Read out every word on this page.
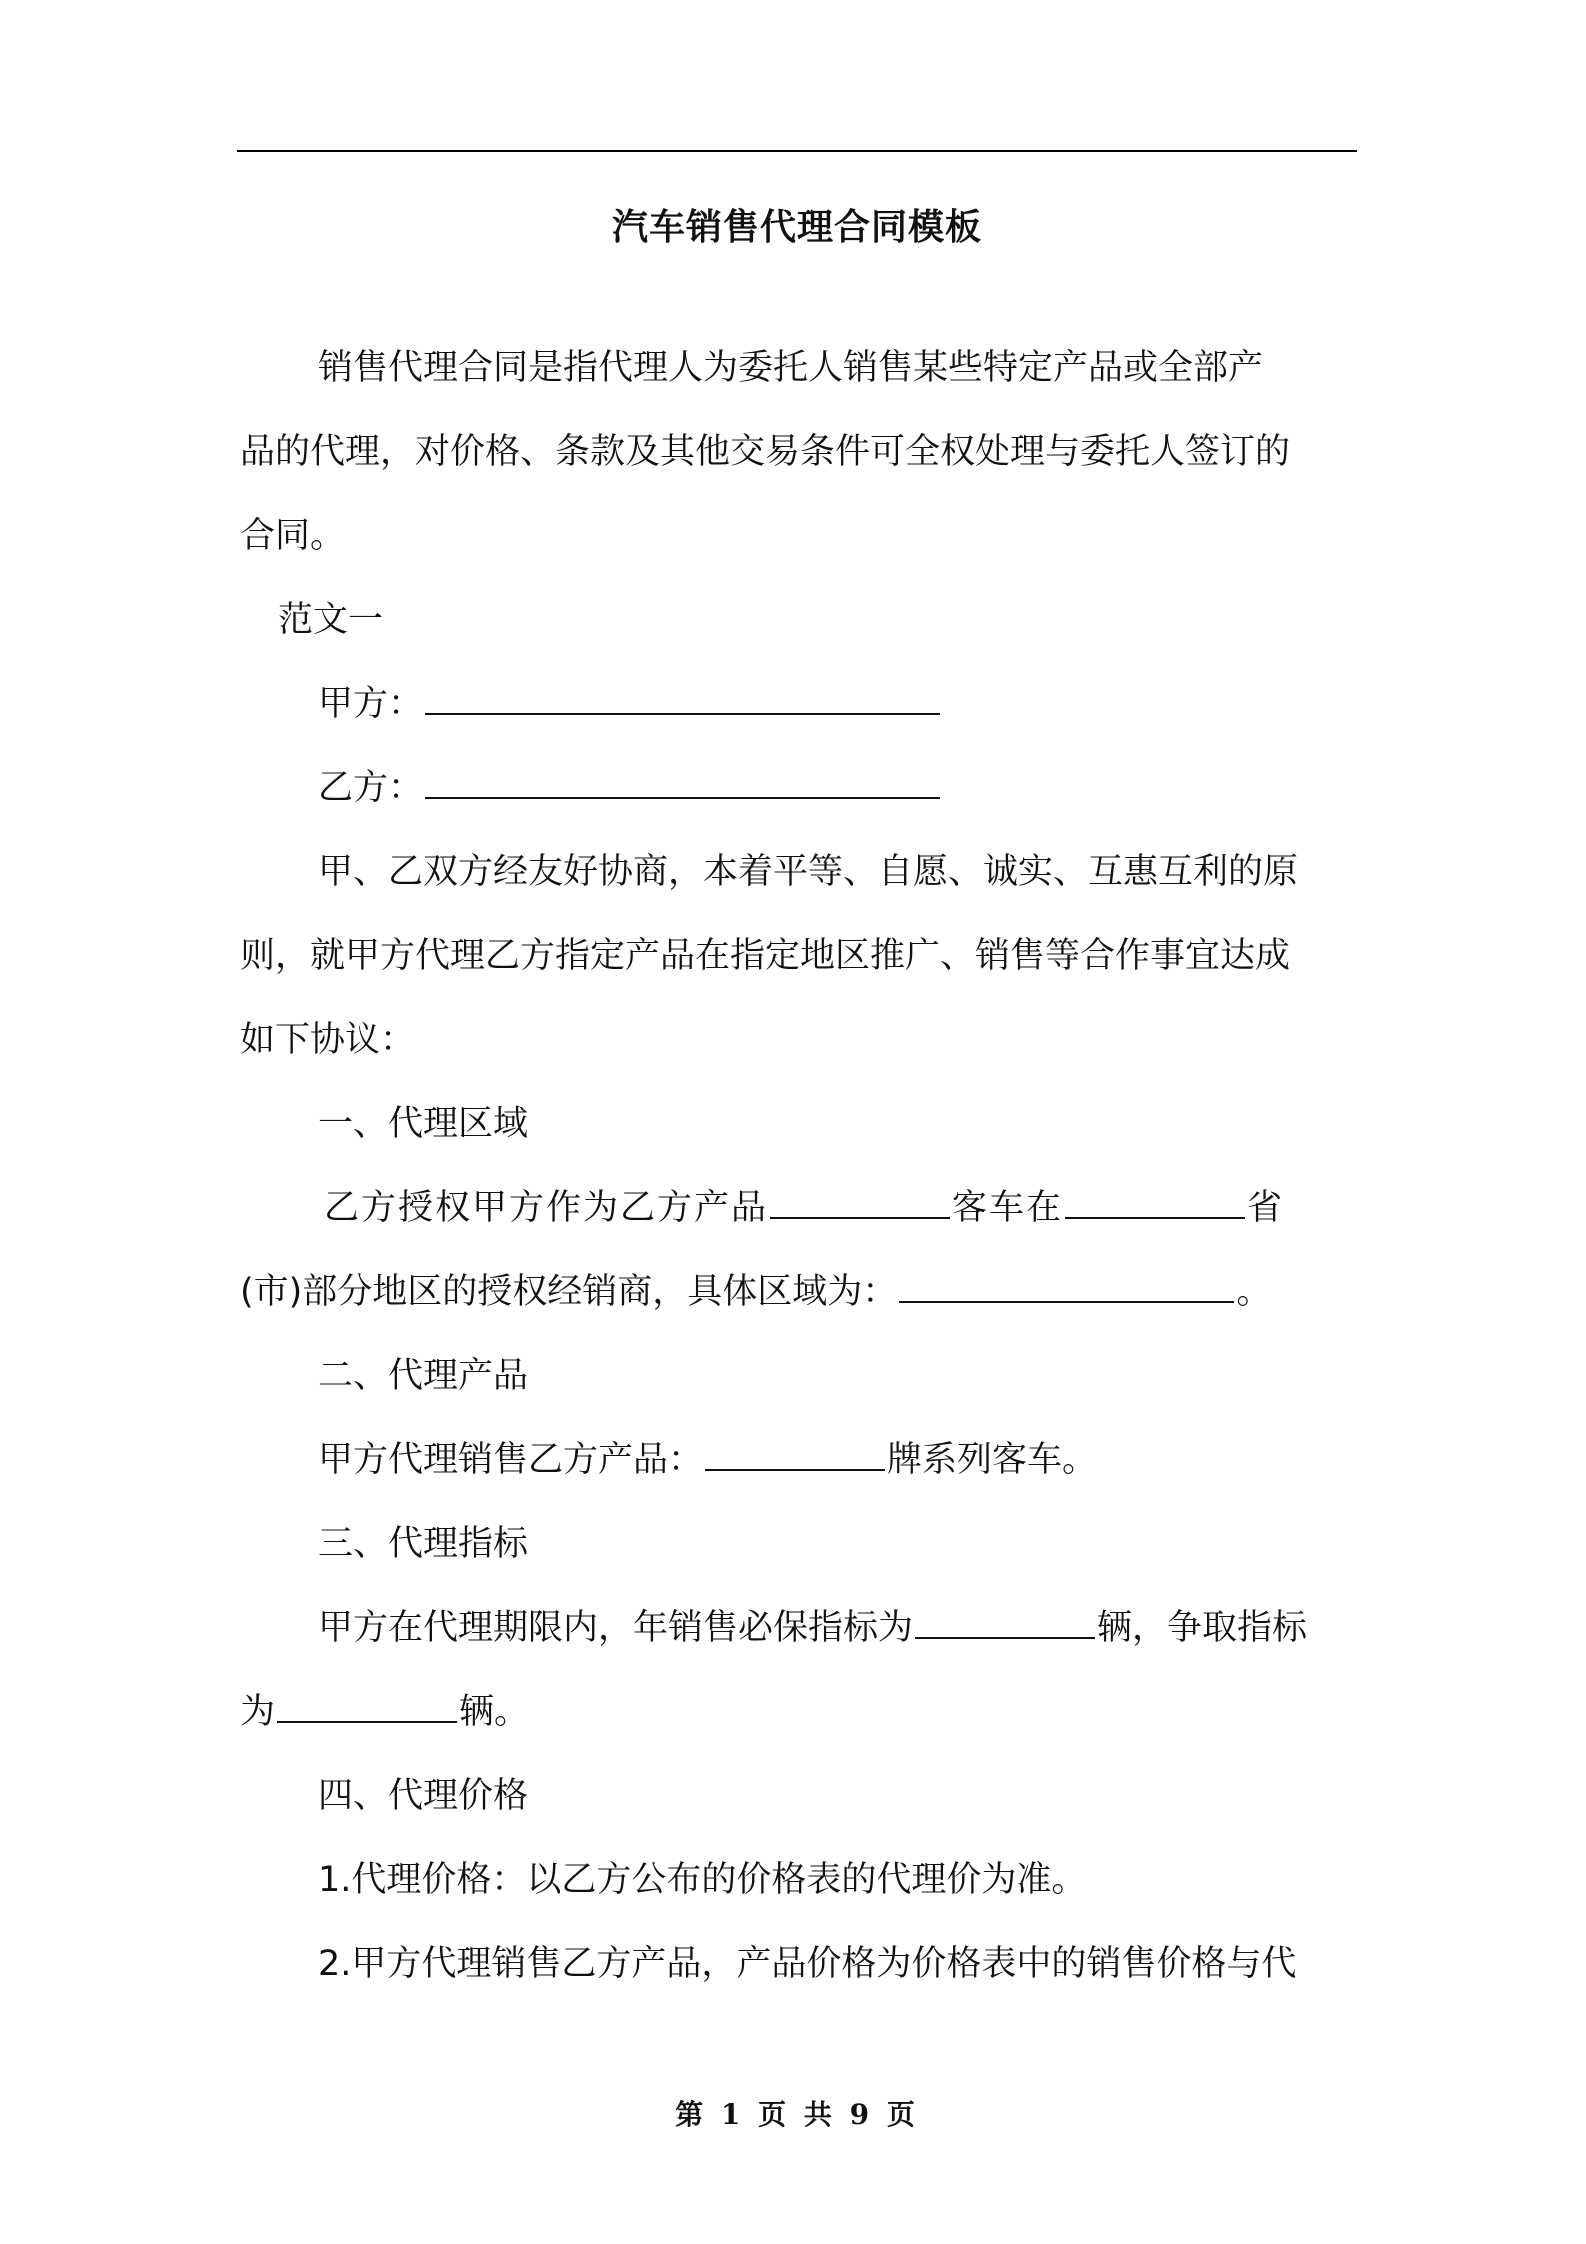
汽车销售代理合同模板
销售代理合同是指代理人为委托人销售某些特定产品或全部产
品的代理，对价格、条款及其他交易条件可全权处理与委托人签订的
合同。
范文一
甲方：
乙方：
甲、乙双方经友好协商，本着平等、自愿、诚实、互惠互利的原
则，就甲方代理乙方指定产品在指定地区推广、销售等合作事宜达成
如下协议：
一、代理区域
乙方授权甲方作为乙方产品	客车在	省
(市)部分地区的授权经销商，具体区域为：	。
二、代理产品
甲方代理销售乙方产品：	牌系列客车。
三、代理指标
甲方在代理期限内，年销售必保指标为	辆，争取指标
为	辆。
四、代理价格
1.代理价格：以乙方公布的价格表的代理价为准。
2.甲方代理销售乙方产品，产品价格为价格表中的销售价格与代
第 1 页 共 9 页
